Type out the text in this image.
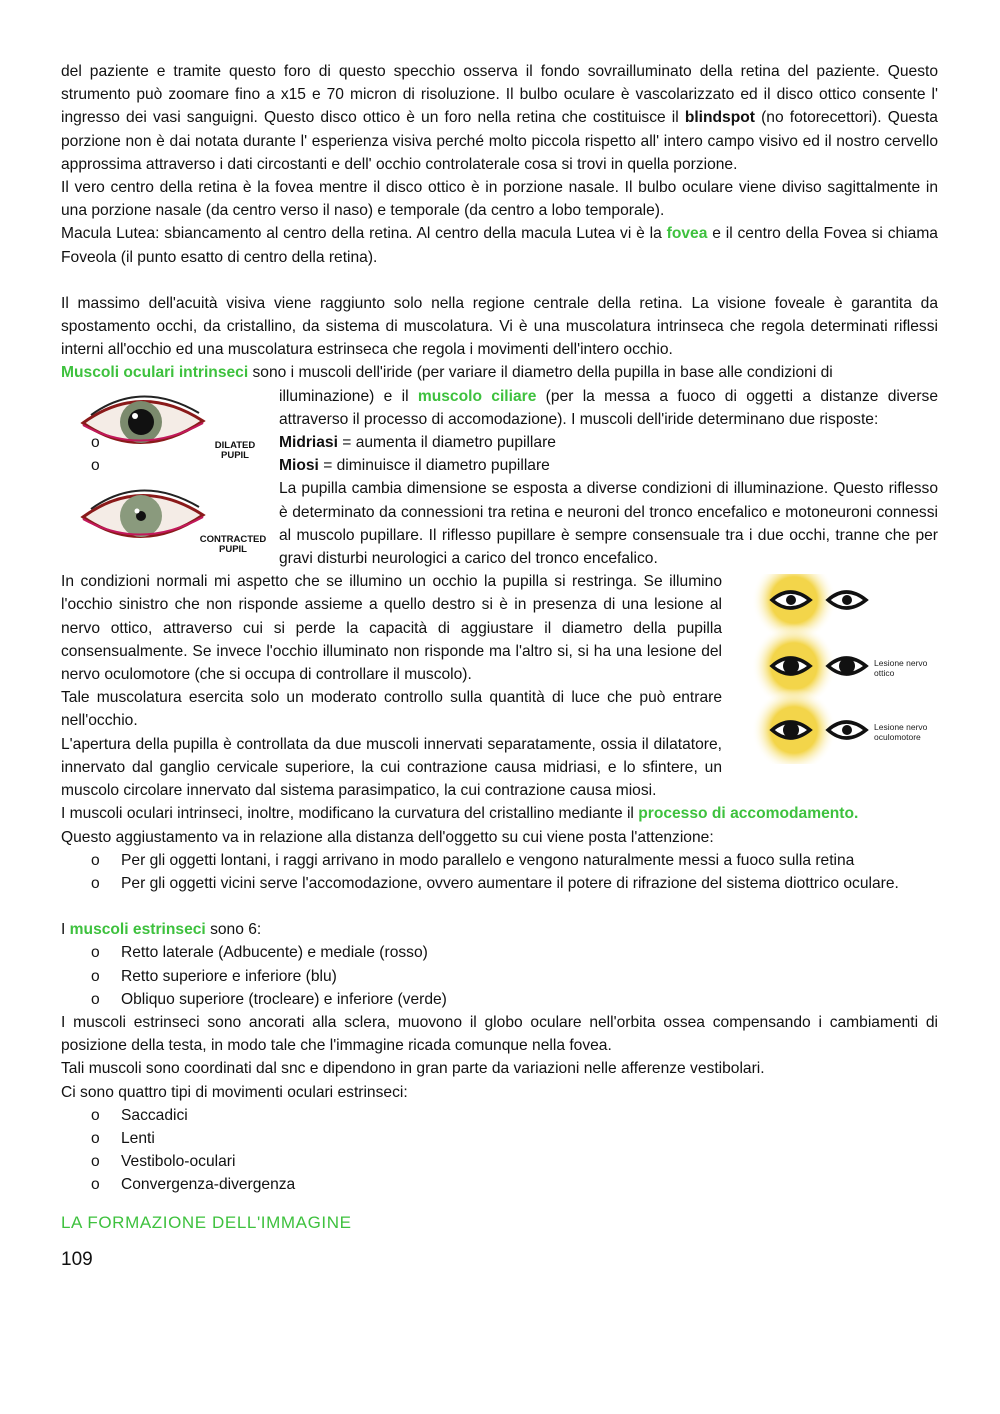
del paziente e tramite questo foro di questo specchio osserva il fondo sovrailluminato della retina del paziente. Questo strumento può zoomare fino a x15 e 70 micron di risoluzione. Il bulbo oculare è vascolarizzato ed il disco ottico consente l' ingresso dei vasi sanguigni. Questo disco ottico è un foro nella retina che costituisce il blindspot (no fotorecettori). Questa porzione non è dai notata durante l' esperienza visiva perché molto piccola rispetto all' intero campo visivo ed il nostro cervello approssima attraverso i dati circostanti e dell' occhio controlaterale cosa si trovi in quella porzione.

Il vero centro della retina è la fovea mentre il disco ottico è in porzione nasale. Il bulbo oculare viene diviso sagittalmente in una porzione nasale (da centro verso il naso) e temporale (da centro a lobo temporale).

Macula Lutea: sbiancamento al centro della retina. Al centro della macula Lutea vi è la fovea e il centro della Fovea si chiama Foveola (il punto esatto di centro della retina).

Il massimo dell'acuità visiva viene raggiunto solo nella regione centrale della retina. La visione foveale è garantita da spostamento occhi, da cristallino, da sistema di muscolatura. Vi è una muscolatura intrinseca che regola determinati riflessi interni all'occhio ed una muscolatura estrinseca che regola i movimenti dell'intero occhio.

Muscoli oculari intrinseci sono i muscoli dell'iride (per variare il diametro della pupilla in base alle condizioni di

DILATED PUPIL
CONTRACTED PUPIL

illuminazione) e il muscolo ciliare (per la messa a fuoco di oggetti a distanze diverse attraverso il processo di accomodazione). I muscoli dell'iride determinano due risposte:

o Midriasi = aumenta il diametro pupillare
o Miosi = diminuisce il diametro pupillare

La pupilla cambia dimensione se esposta a diverse condizioni di illuminazione. Questo riflesso è determinato da connessioni tra retina e neuroni del tronco encefalico e motoneuroni connessi al muscolo pupillare. Il riflesso pupillare è sempre consensuale tra i due occhi, tranne che per gravi disturbi neurologici a carico del tronco encefalico.

Lesione nervo ottico
Lesione nervo oculomotore

In condizioni normali mi aspetto che se illumino un occhio la pupilla si restringa. Se illumino l'occhio sinistro che non risponde assieme a quello destro si è in presenza di una lesione al nervo ottico, attraverso cui si perde la capacità di aggiustare il diametro della pupilla consensualmente. Se invece l'occhio illuminato non risponde ma l'altro si, si ha una lesione del nervo oculomotore (che si occupa di controllare il muscolo).

Tale muscolatura esercita solo un moderato controllo sulla quantità di luce che può entrare nell'occhio.

L'apertura della pupilla è controllata da due muscoli innervati separatamente, ossia il dilatatore, innervato dal ganglio cervicale superiore, la cui contrazione causa midriasi, e lo sfintere, un muscolo circolare innervato dal sistema parasimpatico, la cui contrazione causa miosi.

I muscoli oculari intrinseci, inoltre, modificano la curvatura del cristallino mediante il processo di accomodamento.

Questo aggiustamento va in relazione alla distanza dell'oggetto su cui viene posta l'attenzione:

o Per gli oggetti lontani, i raggi arrivano in modo parallelo e vengono naturalmente messi a fuoco sulla retina
o Per gli oggetti vicini serve l'accomodazione, ovvero aumentare il potere di rifrazione del sistema diottrico oculare.

I muscoli estrinseci sono 6:

o Retto laterale (Adbucente) e mediale (rosso)
o Retto superiore e inferiore (blu)
o Obliquo superiore (trocleare) e inferiore (verde)

I muscoli estrinseci sono ancorati alla sclera, muovono il globo oculare nell'orbita ossea compensando i cambiamenti di posizione della testa, in modo tale che l'immagine ricada comunque nella fovea.

Tali muscoli sono coordinati dal snc e dipendono in gran parte da variazioni nelle afferenze vestibolari.

Ci sono quattro tipi di movimenti oculari estrinseci:

o Saccadici
o Lenti
o Vestibolo-oculari
o Convergenza-divergenza
LA FORMAZIONE DELL'IMMAGINE
109
